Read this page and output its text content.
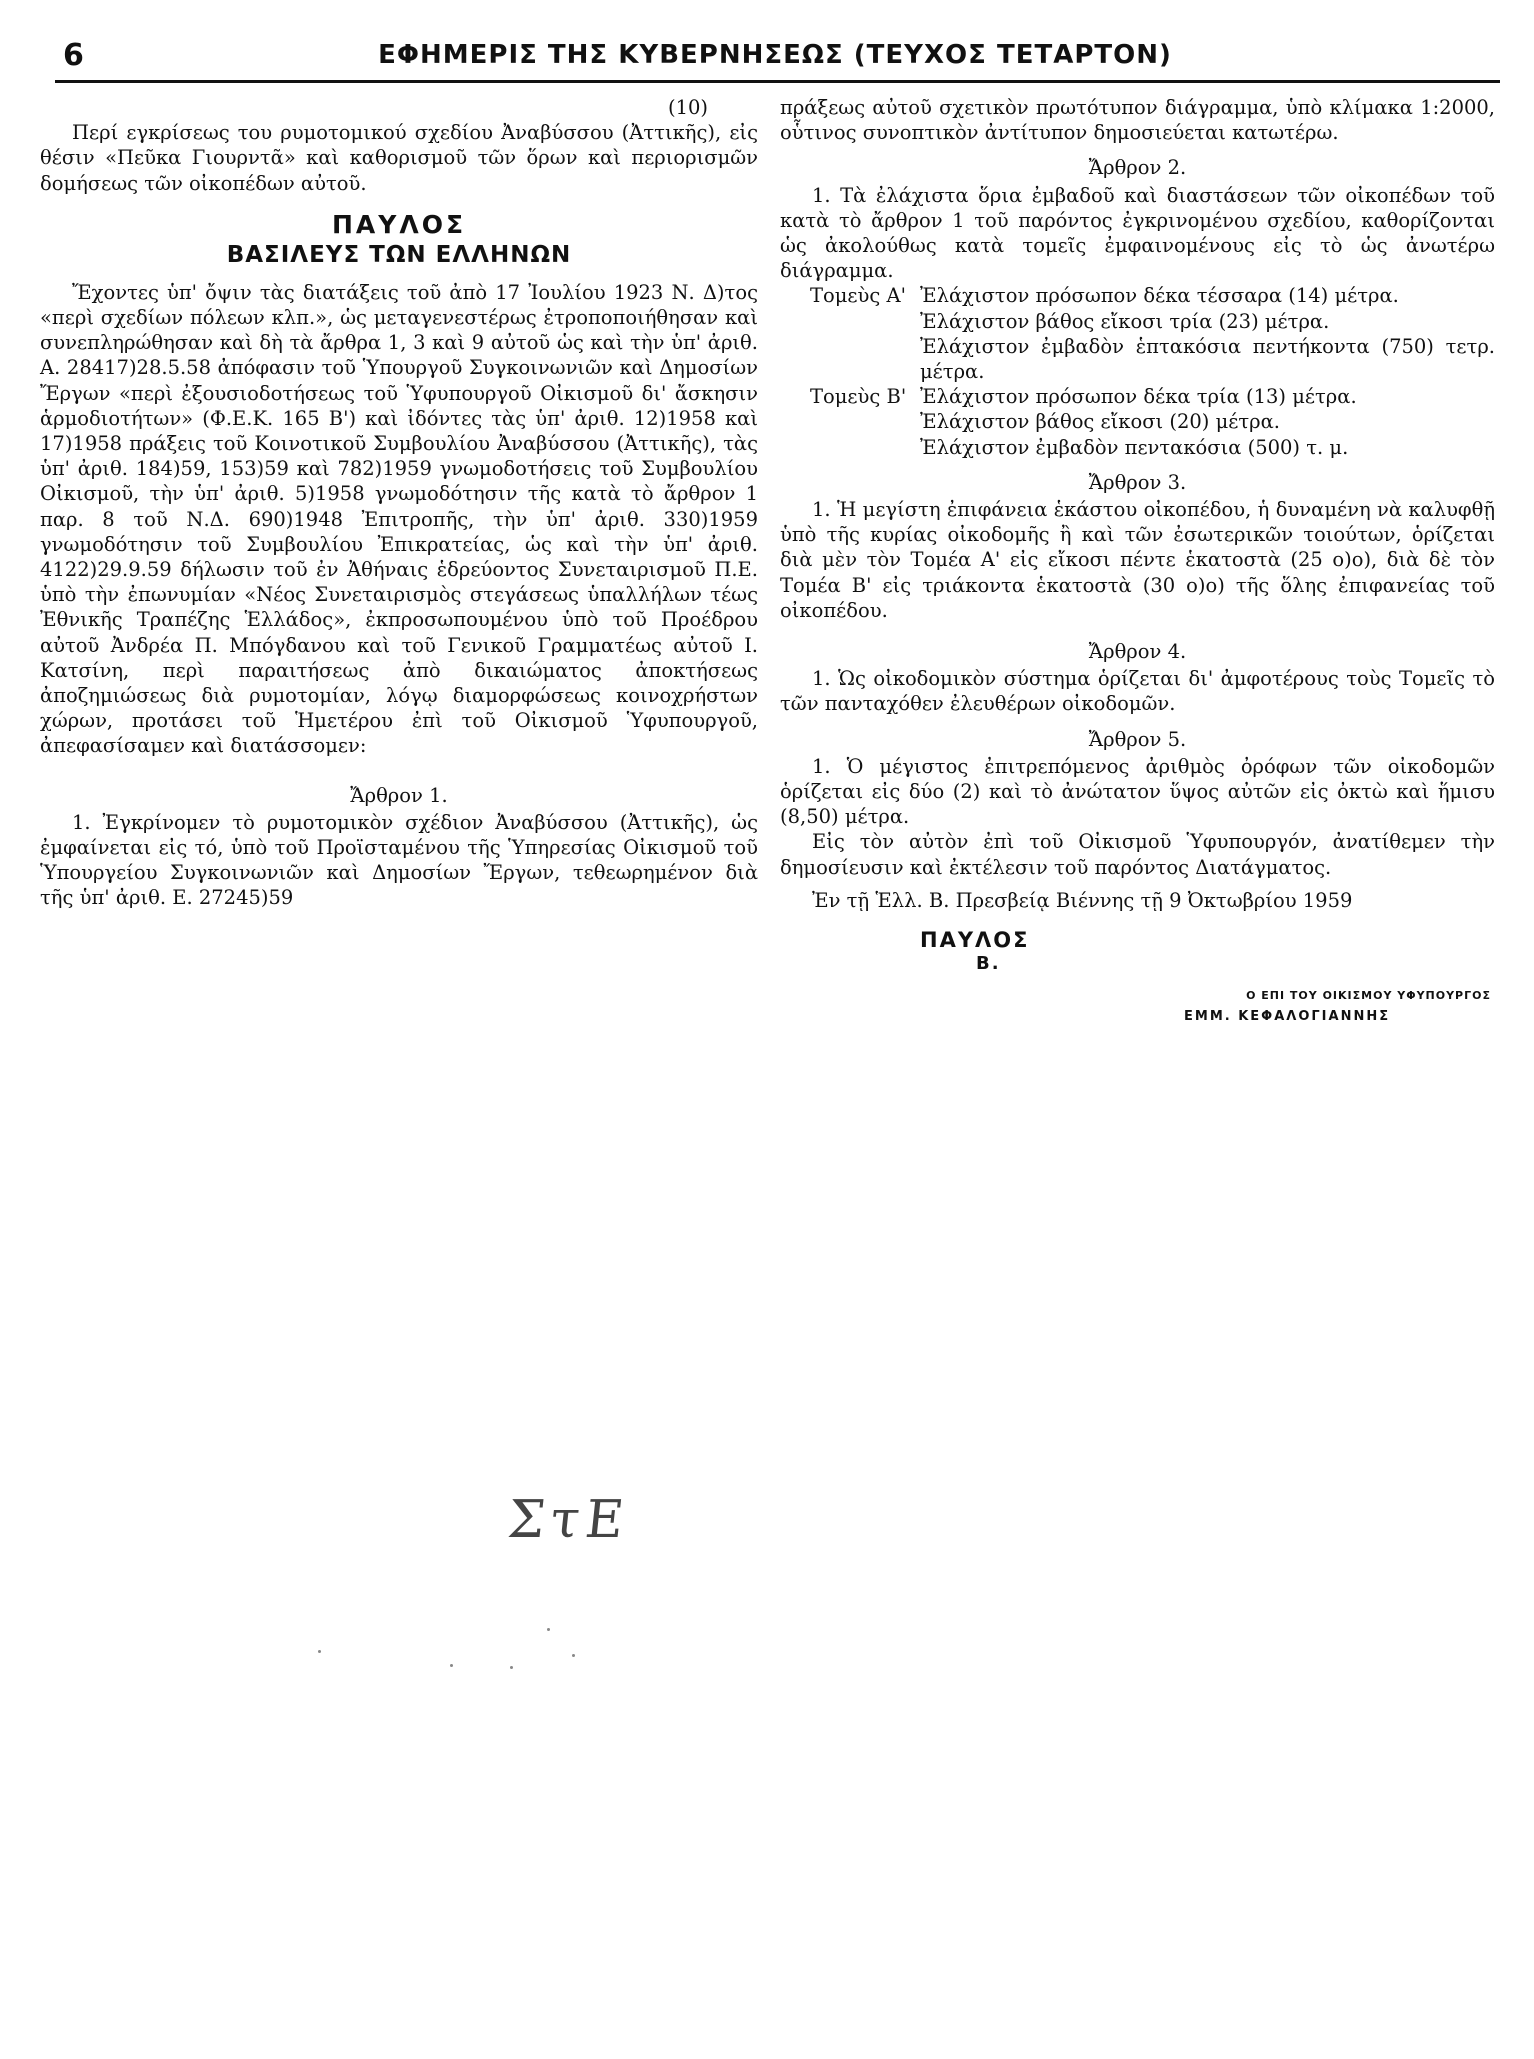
6	ΕΦΗΜΕΡΙΣ ΤΗΣ ΚΥΒΕΡΝΗΣΕΩΣ (ΤΕΥΧΟΣ ΤΕΤΑΡΤΟΝ)

(10)

Περί εγκρίσεως του ρυμοτομικού σχεδίου Ἀναβύσσου (Ἀττικῆς), εἰς θέσιν «Πεῦκα Γιουρντᾶ» καὶ καθορισμοῦ τῶν ὅρων καὶ περιορισμῶν δομήσεως τῶν οἰκοπέδων αὐτοῦ.

ΠΑΥΛΟΣ

ΒΑΣΙΛΕΥΣ ΤΩΝ ΕΛΛΗΝΩΝ

Ἔχοντες ὑπ' ὄψιν τὰς διατάξεις τοῦ ἀπὸ 17 Ἰουλίου 1923 Ν. Δ)τος «περὶ σχεδίων πόλεων κλπ.», ὡς μεταγενεστέρως ἐτροποποιήθησαν καὶ συνεπληρώθησαν καὶ δὴ τὰ ἄρθρα 1, 3 καὶ 9 αὐτοῦ ὡς καὶ τὴν ὑπ' ἀριθ. Α. 28417)28.5.58 ἀπόφασιν τοῦ Ὑπουργοῦ Συγκοινωνιῶν καὶ Δημοσίων Ἔργων «περὶ ἐξουσιοδοτήσεως τοῦ Ὑφυπουργοῦ Οἰκισμοῦ δι' ἄσκησιν ἁρμοδιοτήτων» (Φ.Ε.Κ. 165 Β') καὶ ἰδόντες τὰς ὑπ' ἀριθ. 12)1958 καὶ 17)1958 πράξεις τοῦ Κοινοτικοῦ Συμβουλίου Ἀναβύσσου (Ἀττικῆς), τὰς ὑπ' ἀριθ. 184)59, 153)59 καὶ 782)1959 γνωμοδοτήσεις τοῦ Συμβουλίου Οἰκισμοῦ, τὴν ὑπ' ἀριθ. 5)1958 γνωμοδότησιν τῆς κατὰ τὸ ἄρθρον 1 παρ. 8 τοῦ Ν.Δ. 690)1948 Ἐπιτροπῆς, τὴν ὑπ' ἀριθ. 330)1959 γνωμοδότησιν τοῦ Συμβουλίου Ἐπικρατείας, ὡς καὶ τὴν ὑπ' ἀριθ. 4122)29.9.59 δήλωσιν τοῦ ἐν Ἀθήναις ἑδρεύοντος Συνεταιρισμοῦ Π.Ε. ὑπὸ τὴν ἐπωνυμίαν «Νέος Συνεταιρισμὸς στεγάσεως ὑπαλλήλων τέως Ἐθνικῆς Τραπέζης Ἑλλάδος», ἐκπροσωπουμένου ὑπὸ τοῦ Προέδρου αὐτοῦ Ἀνδρέα Π. Μπόγδανου καὶ τοῦ Γενικοῦ Γραμματέως αὐτοῦ Ι. Κατσίνη, περὶ παραιτήσεως ἀπὸ δικαιώματος ἀποκτήσεως ἀποζημιώσεως διὰ ρυμοτομίαν, λόγῳ διαμορφώσεως κοινοχρήστων χώρων, προτάσει τοῦ Ἡμετέρου ἐπὶ τοῦ Οἰκισμοῦ Ὑφυπουργοῦ, ἀπεφασίσαμεν καὶ διατάσσομεν:

Ἄρθρον 1.

1. Ἐγκρίνομεν τὸ ρυμοτομικὸν σχέδιον Ἀναβύσσου (Ἀττικῆς), ὡς ἐμφαίνεται εἰς τό, ὑπὸ τοῦ Προϊσταμένου τῆς Ὑπηρεσίας Οἰκισμοῦ τοῦ Ὑπουργείου Συγκοινωνιῶν καὶ Δημοσίων Ἔργων, τεθεωρημένον διὰ τῆς ὑπ' ἀριθ. Ε. 27245)59

πράξεως αὐτοῦ σχετικὸν πρωτότυπον διάγραμμα, ὑπὸ κλίμακα 1:2000, οὗτινος συνοπτικὸν ἀντίτυπον δημοσιεύεται κατωτέρω.

Ἄρθρον 2.

1. Τὰ ἐλάχιστα ὅρια ἐμβαδοῦ καὶ διαστάσεων τῶν οἰκοπέδων τοῦ κατὰ τὸ ἄρθρον 1 τοῦ παρόντος ἐγκρινομένου σχεδίου, καθορίζονται ὡς ἀκολούθως κατὰ τομεῖς ἐμφαινομένους εἰς τὸ ὡς ἀνωτέρω διάγραμμα.

Τομεὺς Α' Ἐλάχιστον πρόσωπον δέκα τέσσαρα (14) μέτρα.
Ἐλάχιστον βάθος εἴκοσι τρία (23) μέτρα.
Ἐλάχιστον ἐμβαδὸν ἑπτακόσια πεντήκοντα (750) τετρ. μέτρα.
Τομεὺς Β' Ἐλάχιστον πρόσωπον δέκα τρία (13) μέτρα.
Ἐλάχιστον βάθος εἴκοσι (20) μέτρα.
Ἐλάχιστον ἐμβαδὸν πεντακόσια (500) τ. μ.

Ἄρθρον 3.

1. Ἡ μεγίστη ἐπιφάνεια ἑκάστου οἰκοπέδου, ἡ δυναμένη νὰ καλυφθῇ ὑπὸ τῆς κυρίας οἰκοδομῆς ἢ καὶ τῶν ἐσωτερικῶν τοιούτων, ὁρίζεται διὰ μὲν τὸν Τομέα Α' εἰς εἴκοσι πέντε ἑκατοστὰ (25 ο)ο), διὰ δὲ τὸν Τομέα Β' εἰς τριάκοντα ἑκατοστὰ (30 ο)ο) τῆς ὅλης ἐπιφανείας τοῦ οἰκοπέδου.

Ἄρθρον 4.

1. Ὡς οἰκοδομικὸν σύστημα ὁρίζεται δι' ἀμφοτέρους τοὺς Τομεῖς τὸ τῶν πανταχόθεν ἐλευθέρων οἰκοδομῶν.

Ἄρθρον 5.

1. Ὁ μέγιστος ἐπιτρεπόμενος ἀριθμὸς ὀρόφων τῶν οἰκοδομῶν ὁρίζεται εἰς δύο (2) καὶ τὸ ἀνώτατον ὕψος αὐτῶν εἰς ὀκτὼ καὶ ἥμισυ (8,50) μέτρα.

Εἰς τὸν αὐτὸν ἐπὶ τοῦ Οἰκισμοῦ Ὑφυπουργόν, ἀνατίθεμεν τὴν δημοσίευσιν καὶ ἐκτέλεσιν τοῦ παρόντος Διατάγματος.

Ἐν τῇ Ἑλλ. Β. Πρεσβείᾳ Βιέννης τῇ 9 Ὀκτωβρίου 1959

ΠΑΥΛΟΣ

Β.

Ο ΕΠΙ ΤΟΥ ΟΙΚΙΣΜΟΥ ΥΦΥΠΟΥΡΓΟΣ

ΕΜΜ. ΚΕΦΑΛΟΓΙΑΝΝΗΣ

ΣτΕ
